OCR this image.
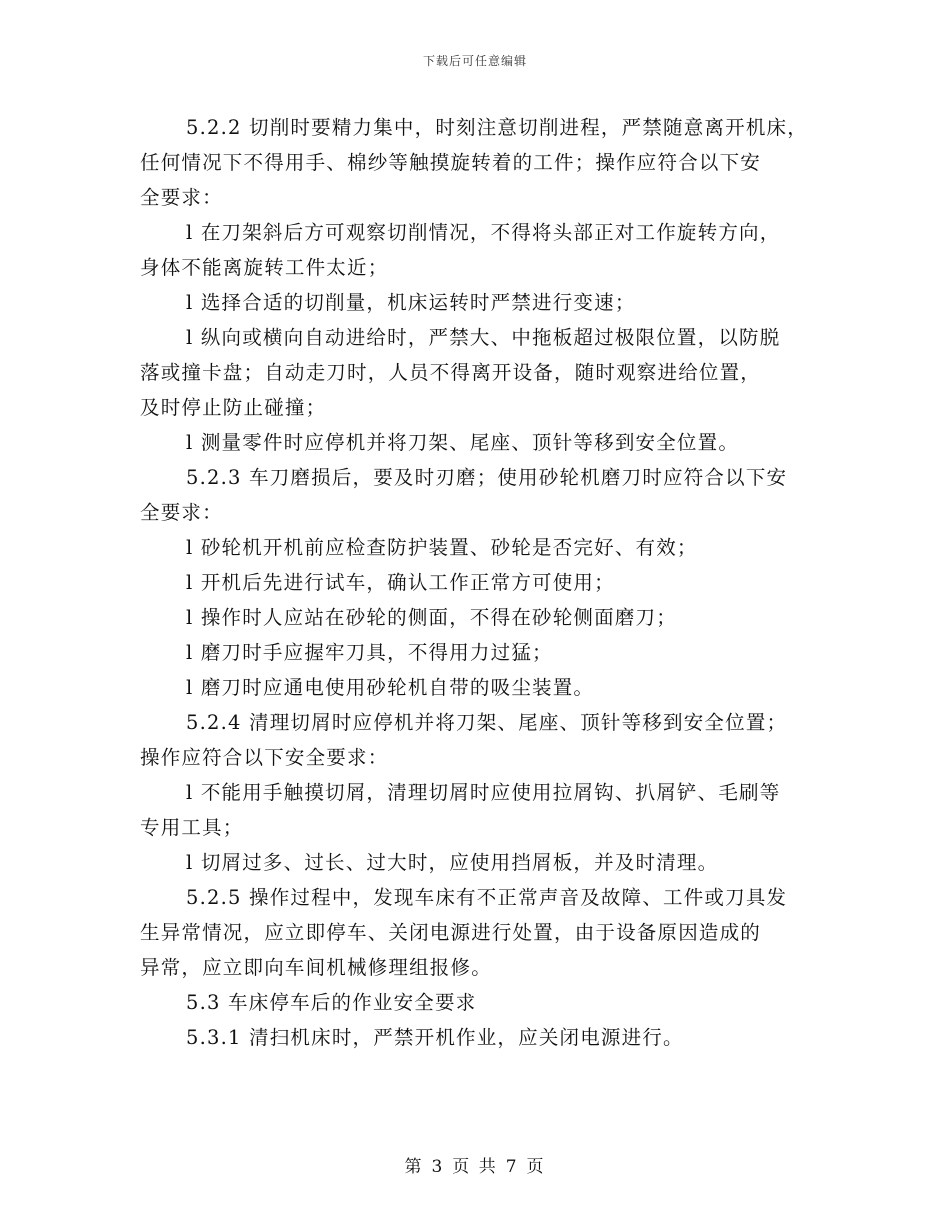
下载后可任意编辑
5.2.2 切削时要精力集中，时刻注意切削进程，严禁随意离开机床，
任何情况下不得用手、棉纱等触摸旋转着的工件；操作应符合以下安
全要求：
l 在刀架斜后方可观察切削情况，不得将头部正对工作旋转方向，
身体不能离旋转工件太近；
l 选择合适的切削量，机床运转时严禁进行变速；
l 纵向或横向自动进给时，严禁大、中拖板超过极限位置，以防脱
落或撞卡盘；自动走刀时，人员不得离开设备，随时观察进给位置，
及时停止防止碰撞；
l 测量零件时应停机并将刀架、尾座、顶针等移到安全位置。
5.2.3 车刀磨损后，要及时刃磨；使用砂轮机磨刀时应符合以下安
全要求：
l 砂轮机开机前应检查防护装置、砂轮是否完好、有效；
l 开机后先进行试车，确认工作正常方可使用；
l 操作时人应站在砂轮的侧面，不得在砂轮侧面磨刀；
l 磨刀时手应握牢刀具，不得用力过猛；
l 磨刀时应通电使用砂轮机自带的吸尘装置。
5.2.4 清理切屑时应停机并将刀架、尾座、顶针等移到安全位置；
操作应符合以下安全要求：
l 不能用手触摸切屑，清理切屑时应使用拉屑钩、扒屑铲、毛刷等
专用工具；
l 切屑过多、过长、过大时，应使用挡屑板，并及时清理。
5.2.5 操作过程中，发现车床有不正常声音及故障、工件或刀具发
生异常情况，应立即停车、关闭电源进行处置，由于设备原因造成的
异常，应立即向车间机械修理组报修。
5.3 车床停车后的作业安全要求
5.3.1 清扫机床时，严禁开机作业，应关闭电源进行。
第 3 页 共 7 页
